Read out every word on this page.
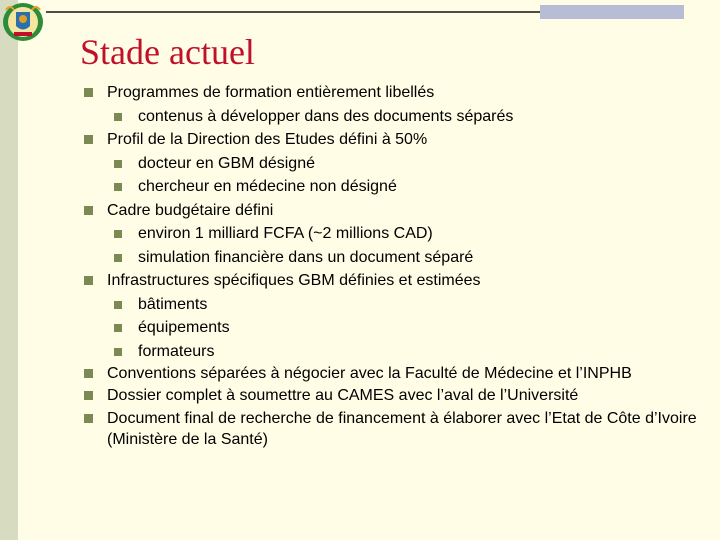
Stade actuel
Programmes de formation entièrement libellés
contenus à développer dans des documents séparés
Profil de la Direction des Etudes défini à 50%
docteur en GBM désigné
chercheur en médecine non désigné
Cadre budgétaire défini
environ 1 milliard FCFA (~2 millions CAD)
simulation financière dans un document séparé
Infrastructures spécifiques GBM définies et estimées
bâtiments
équipements
formateurs
Conventions séparées à négocier avec la Faculté de Médecine et l’INPHB
Dossier complet à soumettre au CAMES avec l’aval de l’Université
Document final de recherche de financement à élaborer avec l’Etat de Côte d’Ivoire (Ministère de la Santé)
